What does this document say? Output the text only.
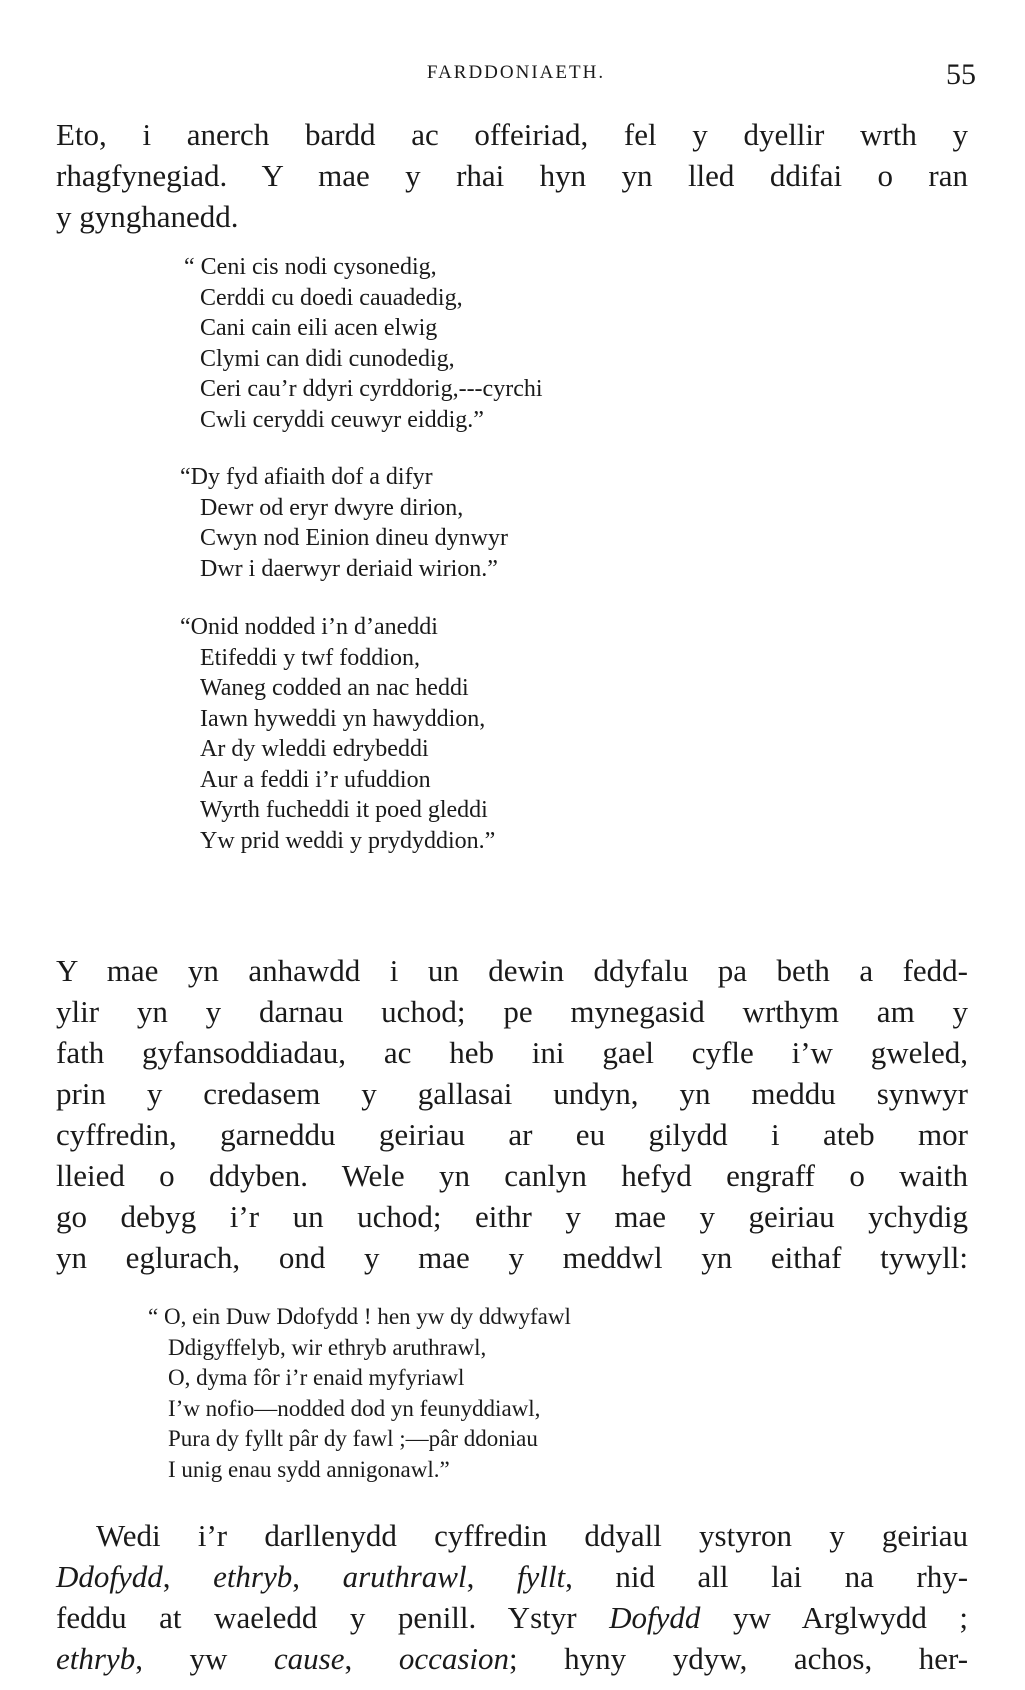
FARDDONIAETH.	55
Eto, i anerch bardd ac offeiriad, fel y dyellir wrth y
rhagfynegiad. Y mae y rhai hyn yn lled ddifai o ran
y gynghanedd.
“ Ceni cis nodi cysonedig,
Cerddi cu doedi cauadedig,
Cani cain eili acen elwig
Clymi can didi cunodedig,
Ceri cau’r ddyri cyrddorig,---cyrchi
Cwli ceryddi ceuwyr eiddig.”
“Dy fyd afiaith dof a difyr
Dewr od eryr dwyre dirion,
Cwyn nod Einion dineu dynwyr
Dwr i daerwyr deriaid wirion.”
“Onid nodded i’n d’aneddi
Etifeddi y twf foddion,
Waneg codded an nac heddi
Iawn hyweddi yn hawyddion,
Ar dy wleddi edrybeddi
Aur a feddi i’r ufuddion
Wyrth fucheddi it poed gleddi
Yw prid weddi y prydyddion.”
Y mae yn anhawdd i un dewin ddyfalu pa beth a fedd-
ylir yn y darnau uchod; pe mynegasid wrthym am y
fath gyfansoddiadau, ac heb ini gael cyfle i’w gweled,
prin y credasem y gallasai undyn, yn meddu synwyr
cyffredin, garneddu geiriau ar eu gilydd i ateb mor
lleied o ddyben. Wele yn canlyn hefyd engraff o waith
go debyg i’r un uchod; eithr y mae y geiriau ychydig
yn eglurach, ond y mae y meddwl yn eithaf tywyll:
“ O, ein Duw Ddofydd ! hen yw dy ddwyfawl
Ddigyffelyb, wir ethryb aruthrawl,
O, dyma fôr i’r enaid myfyriawl
I’w nofio—nodded dod yn feunyddiawl,
Pura dy fyllt pâr dy fawl ;—pâr ddoniau
I unig enau sydd annigonawl.”
Wedi i’r darllenydd cyffredin ddyall ystyron y geiriau
Ddofydd, ethryb, aruthrawl, fyllt, nid all lai na rhy-
feddu at waeledd y penill. Ystyr Dofydd yw Arglwydd ;
ethryb, yw cause, occasion; hyny ydyw, achos, her-
